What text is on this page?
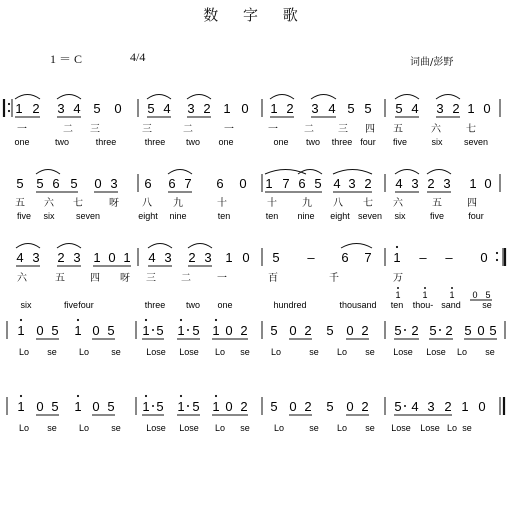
数 字 歌
1 ＝ C	4/4	词曲/彭野
1 2 3 4 5 0 5 4 3 2 1 0 1 2 3 4 5 5 5 4 3 2 1 0
一	二 三	三	二	一	一	二 三 四 五	六	七
one	two	three	three two one	one two three four five	six seven
5 5 6 5 0 3 6 6 7 6 0 1 7 6 5 4 3 2 4 3 2 3 1 0
五 六 七	呀 八 九	十	十	九 八 七 六	五	四
five six seven	eight nine	ten	ten nine eight seven six	five	four
4 3 2 3 1 0 1 4 3 2 3 1 0 5 – 6 7 1 – – 0
六	五	四 呀 三	二	一	百	千	万
six	five four	three two one	hundred	thousand ten thou- sand se
1 1 1 0 5
1 0 5 1 0 5 1 5 1 5 1 0 2 5 0 2 5 0 2 5 2 5 2 5 0 5
Lo se Lo se	Lose Lose Lo se Lo	se Lo se Lose Lose Lo se
1 0 5 1 0 5 1 5 1 5 1 0 2 5 0 2 5 0 2 5 4 3 2 1 0
Lo se Lo se	Lose Lose Lo se	Lo	se Lo se Lose Lose Lo se
